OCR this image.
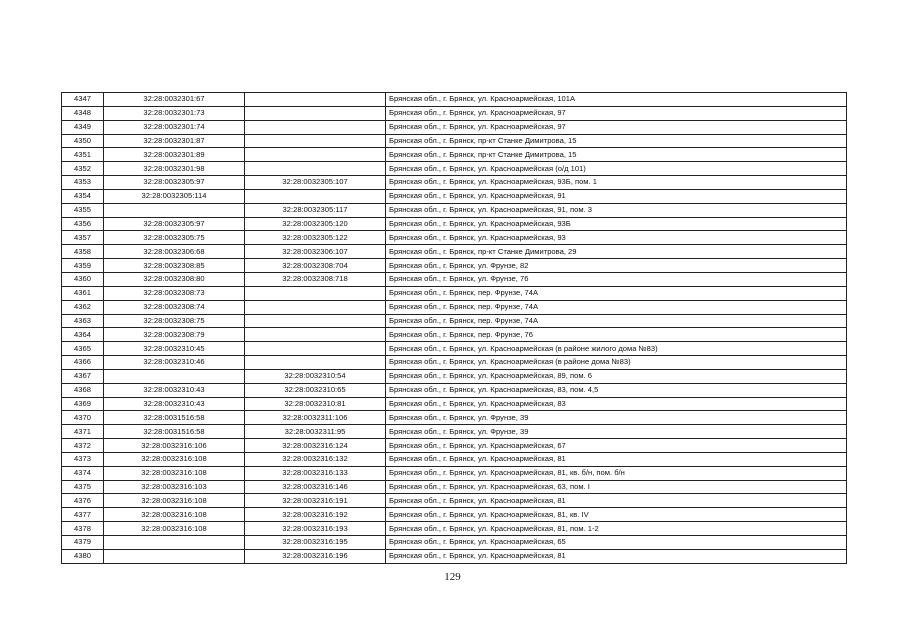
4347	32:28:0032301:67		Брянская обл., г. Брянск, ул. Красноармейская, 101А
4348	32:28:0032301:73		Брянская обл., г. Брянск, ул. Красноармейская, 97
4349	32:28:0032301:74		Брянская обл., г. Брянск, ул. Красноармейская, 97
4350	32:28:0032301:87		Брянская обл., г. Брянск, пр-кт Станке Димитрова, 15
4351	32:28:0032301:89		Брянская обл., г. Брянск, пр-кт Станке Димитрова, 15
4352	32:28:0032301:98		Брянская обл., г. Брянск, ул. Красноармейская (о/д 101)
4353	32:28:0032305:97	32:28:0032305:107	Брянская обл., г. Брянск, ул. Красноармейская, 93Б, пом. 1
4354	32:28:0032305:114		Брянская обл., г. Брянск, ул. Красноармейская, 91
4355		32:28:0032305:117	Брянская обл., г. Брянск, ул. Красноармейская, 91, пом. 3
4356	32:28:0032305:97	32:28:0032305:120	Брянская обл., г. Брянск, ул. Красноармейская, 93Б
4357	32:28:0032305:75	32:28:0032305:122	Брянская обл., г. Брянск, ул. Красноармейская, 93
4358	32:28:0032306:68	32:28:0032306:107	Брянская обл., г. Брянск, пр-кт Станке Димитрова, 29
4359	32:28:0032308:85	32:28:0032308:704	Брянская обл., г. Брянск, ул. Фрунзе, 82
4360	32:28:0032308:80	32:28:0032308:718	Брянская обл., г. Брянск, ул. Фрунзе, 76
4361	32:28:0032308:73		Брянская обл., г. Брянск, пер. Фрунзе, 74А
4362	32:28:0032308:74		Брянская обл., г. Брянск, пер. Фрунзе, 74А
4363	32:28:0032308:75		Брянская обл., г. Брянск, пер. Фрунзе, 74А
4364	32:28:0032308:79		Брянская обл., г. Брянск, пер. Фрунзе, 76
4365	32:28:0032310:45		Брянская обл., г. Брянск, ул. Красноармейская (в районе жилого дома №83)
4366	32:28:0032310:46		Брянская обл., г. Брянск, ул. Красноармейская (в районе дома №83)
4367		32:28:0032310:54	Брянская обл., г. Брянск, ул. Красноармейская, 89, пом. 6
4368	32:28:0032310:43	32:28:0032310:65	Брянская обл., г. Брянск, ул. Красноармейская, 83, пом. 4,5
4369	32:28:0032310:43	32:28:0032310:81	Брянская обл., г. Брянск, ул. Красноармейская, 83
4370	32:28:0031516:58	32:28:0032311:106	Брянская обл., г. Брянск, ул. Фрунзе, 39
4371	32:28:0031516:58	32:28:0032311:95	Брянская обл., г. Брянск, ул. Фрунзе, 39
4372	32:28:0032316:106	32:28:0032316:124	Брянская обл., г. Брянск, ул. Красноармейская, 67
4373	32:28:0032316:108	32:28:0032316:132	Брянская обл., г. Брянск, ул. Красноармейская, 81
4374	32:28:0032316:108	32:28:0032316:133	Брянская обл., г. Брянск, ул. Красноармейская, 81, кв. б/н, пом. б/н
4375	32:28:0032316:103	32:28:0032316:146	Брянская обл., г. Брянск, ул. Красноармейская, 63, пом. I
4376	32:28:0032316:108	32:28:0032316:191	Брянская обл., г. Брянск, ул. Красноармейская, 81
4377	32:28:0032316:108	32:28:0032316:192	Брянская обл., г. Брянск, ул. Красноармейская, 81, кв. IV
4378	32:28:0032316:108	32:28:0032316:193	Брянская обл., г. Брянск, ул. Красноармейская, 81, пом. 1-2
4379		32:28:0032316:195	Брянская обл., г. Брянск, ул. Красноармейская, 65
4380		32:28:0032316:196	Брянская обл., г. Брянск, ул. Красноармейская, 81
129
